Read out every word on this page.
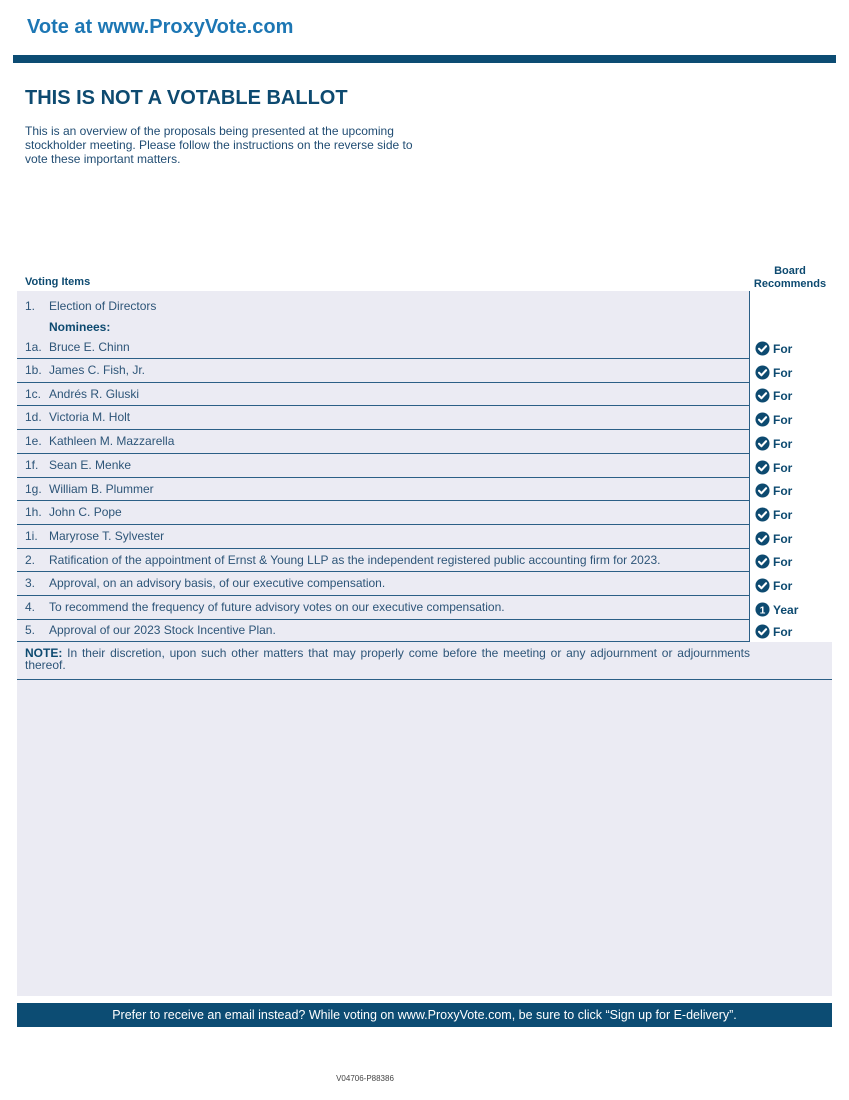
Vote at www.ProxyVote.com
THIS IS NOT A VOTABLE BALLOT
This is an overview of the proposals being presented at the upcoming stockholder meeting. Please follow the instructions on the reverse side to vote these important matters.
Voting Items
Board
Recommends
1. Election of Directors
Nominees:
1a. Bruce E. Chinn	For
1b. James C. Fish, Jr.	For
1c. Andrés R. Gluski	For
1d. Victoria M. Holt	For
1e. Kathleen M. Mazzarella	For
1f. Sean E. Menke	For
1g. William B. Plummer	For
1h. John C. Pope	For
1i. Maryrose T. Sylvester	For
2. Ratification of the appointment of Ernst & Young LLP as the independent registered public accounting firm for 2023.	For
3. Approval, on an advisory basis, of our executive compensation.	For
4. To recommend the frequency of future advisory votes on our executive compensation.	1 Year
5. Approval of our 2023 Stock Incentive Plan.	For
NOTE: In their discretion, upon such other matters that may properly come before the meeting or any adjournment or adjournments thereof.
Prefer to receive an email instead? While voting on www.ProxyVote.com, be sure to click “Sign up for E-delivery”.
V04706-P88386
